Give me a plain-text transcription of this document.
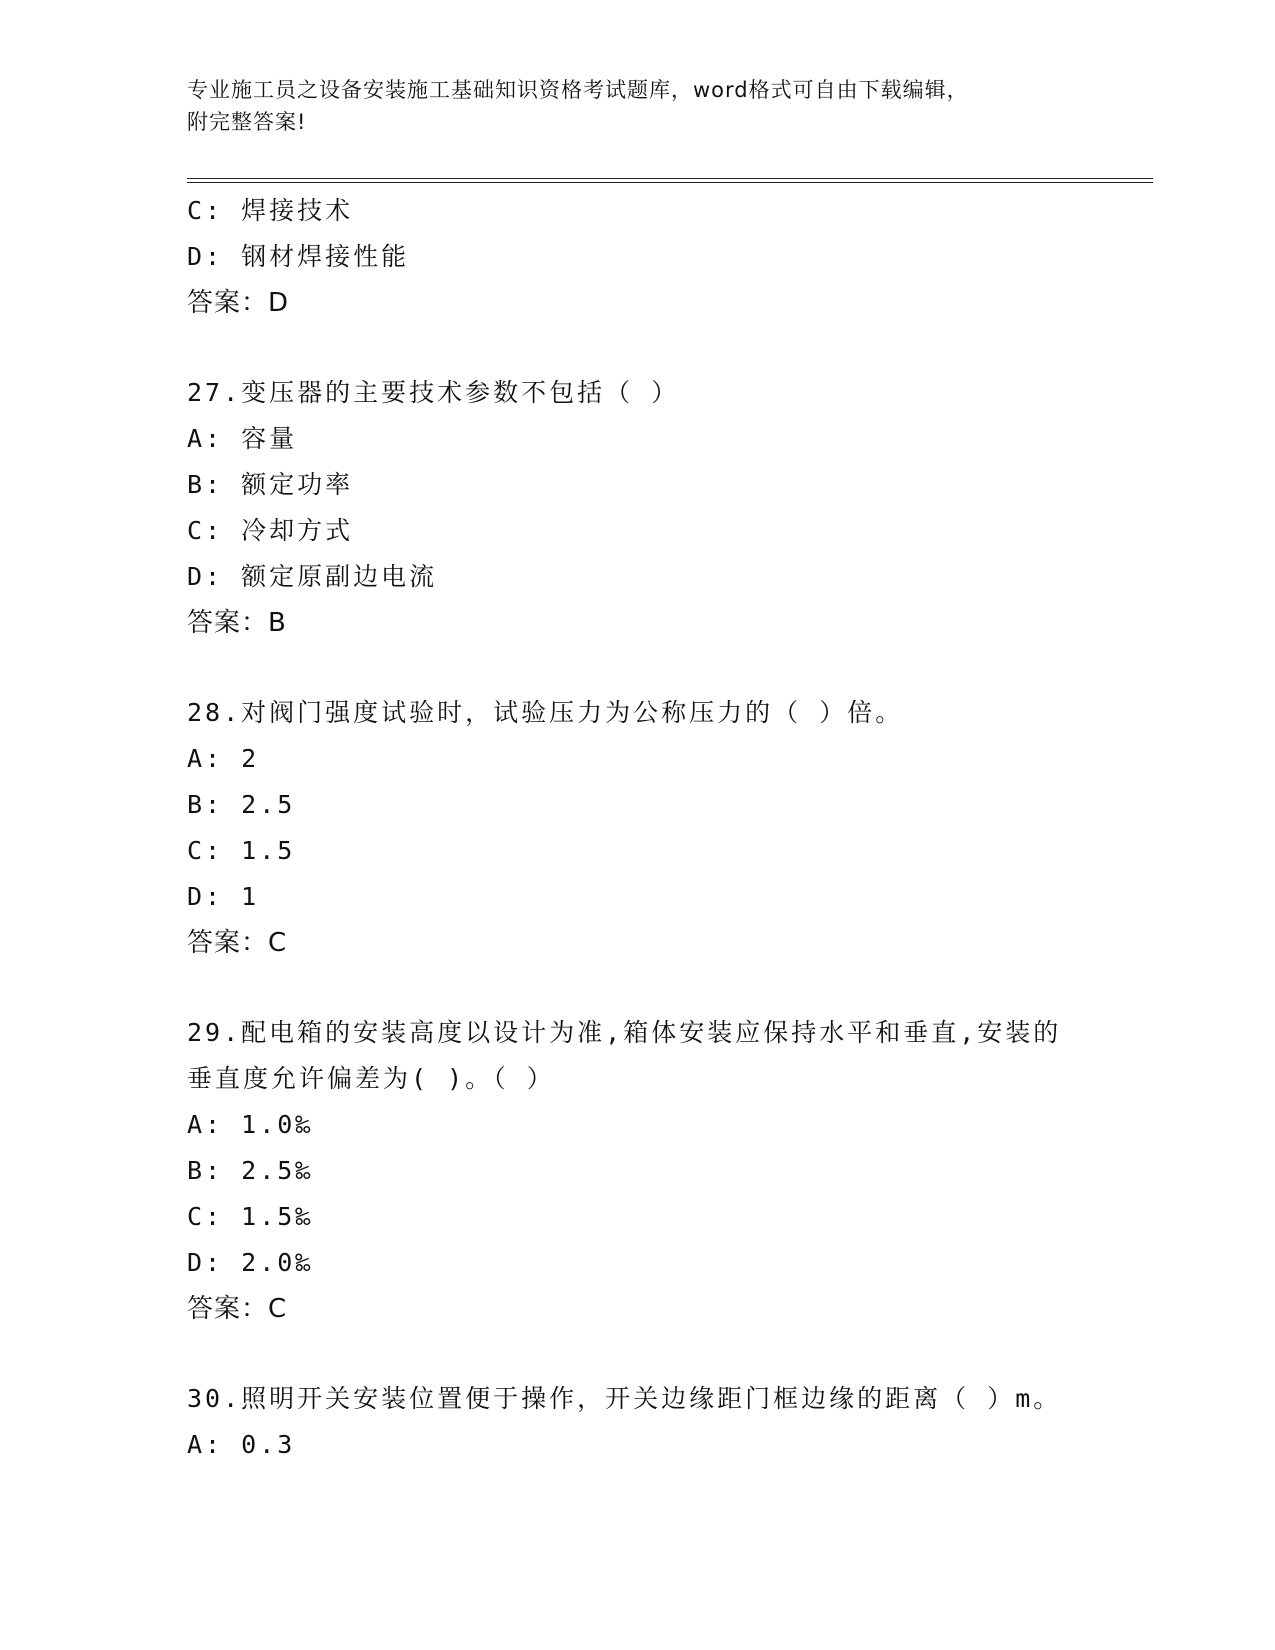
专业施工员之设备安装施工基础知识资格考试题库，word格式可自由下载编辑，
附完整答案!
C: 焊接技术
D: 钢材焊接性能
答案：D
27.变压器的主要技术参数不包括（ ）
A: 容量
B: 额定功率
C: 冷却方式
D: 额定原副边电流
答案：B
28.对阀门强度试验时，试验压力为公称压力的（ ）倍。
A: 2
B: 2.5
C: 1.5
D: 1
答案：C
29.配电箱的安装高度以设计为准,箱体安装应保持水平和垂直,安装的
垂直度允许偏差为( )。（ ）
A: 1.0‰
B: 2.5‰
C: 1.5‰
D: 2.0‰
答案：C
30.照明开关安装位置便于操作，开关边缘距门框边缘的距离（ ）m。
A: 0.3
